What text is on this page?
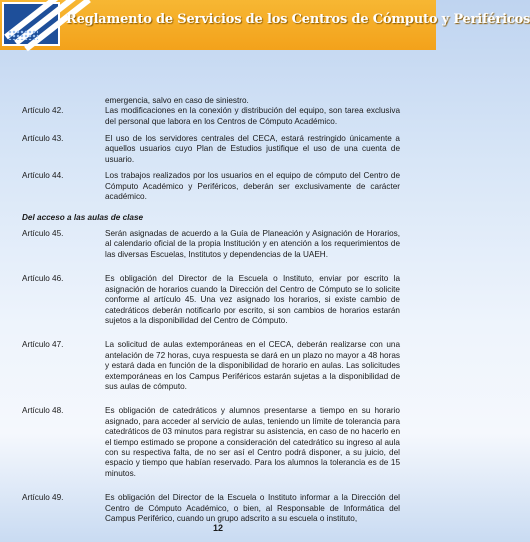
Reglamento de Servicios de los Centros de Cómputo y Periféricos
emergencia, salvo en caso de siniestro.
Artículo 42.	Las modificaciones en la conexión y distribución del equipo, son tarea exclusiva del personal que labora en los Centros de Cómputo Académico.
Artículo 43.	El uso de los servidores centrales del CECA, estará restringido únicamente a aquellos usuarios cuyo Plan de Estudios justifique el uso de una cuenta de usuario.
Artículo 44.	Los trabajos realizados por los usuarios en el equipo de cómputo del Centro de Cómputo Académico y Periféricos, deberán ser exclusivamente de carácter académico.
Del acceso a las aulas de clase
Artículo 45.	Serán asignadas de acuerdo a la Guía de Planeación y Asignación de Horarios, al calendario oficial de la propia Institución y en atención a los requerimientos de las diversas Escuelas, Institutos y dependencias de la UAEH.
Artículo 46.	Es obligación del Director de la Escuela o Instituto, enviar por escrito la asignación de horarios cuando la Dirección del Centro de Cómputo se lo solicite conforme al artículo 45. Una vez asignado los horarios, si existe cambio de catedráticos deberán notificarlo por escrito, si son cambios de horarios estarán sujetos a la disponibilidad del Centro de Cómputo.
Artículo 47.	La solicitud de aulas extemporáneas en el CECA, deberán realizarse con una antelación de 72 horas, cuya respuesta se dará en un plazo no mayor a 48 horas y estará dada en función de la disponibilidad de horario en aulas. Las solicitudes extemporáneas en los Campus Periféricos estarán sujetas a la disponibilidad de sus aulas de cómputo.
Artículo 48.	Es obligación de catedráticos y alumnos presentarse a tiempo en su horario asignado, para acceder al servicio de aulas, teniendo un límite de tolerancia para catedráticos de 03 minutos para registrar su asistencia, en caso de no hacerlo en el tiempo estimado se propone a consideración del catedrático su ingreso al aula con su respectiva falta, de no ser así el Centro podrá disponer, a su juicio, del espacio y tiempo que habían reservado. Para los alumnos la tolerancia es de 15 minutos.
Artículo 49.	Es obligación del Director de la Escuela o Instituto informar a la Dirección del Centro de Cómputo Académico, o bien, al Responsable de Informática del Campus Periférico, cuando un grupo adscrito a su escuela o instituto,
12
